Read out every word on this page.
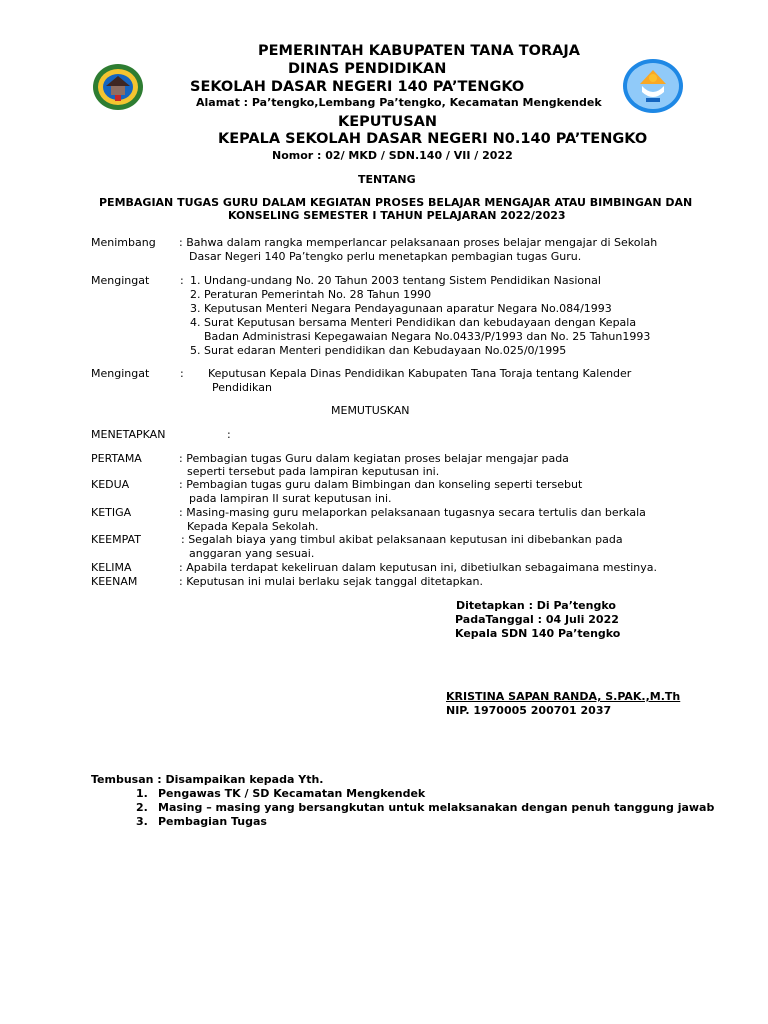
PEMERINTAH KABUPATEN TANA TORAJA
DINAS PENDIDIKAN
SEKOLAH DASAR NEGERI 140 PA’TENGKO
Alamat : Pa’tengko,Lembang Pa’tengko, Kecamatan Mengkendek
KEPUTUSAN
KEPALA SEKOLAH DASAR NEGERI N0.140 PA’TENGKO
Nomor : 02/ MKD / SDN.140 / VII / 2022
TENTANG
PEMBAGIAN TUGAS GURU DALAM KEGIATAN PROSES BELAJAR MENGAJAR ATAU BIMBINGAN DAN
KONSELING SEMESTER I TAHUN PELAJARAN 2022/2023
Menimbang : Bahwa dalam rangka memperlancar pelaksanaan proses belajar mengajar di Sekolah
Dasar Negeri 140 Pa’tengko perlu menetapkan pembagian tugas Guru.
Mengingat	: 1. Undang-undang No. 20 Tahun 2003 tentang Sistem Pendidikan Nasional
2. Peraturan Pemerintah No. 28 Tahun 1990
3. Keputusan Menteri Negara Pendayagunaan aparatur Negara No.084/1993
4. Surat Keputusan bersama Menteri Pendidikan dan kebudayaan dengan Kepala
Badan Administrasi Kepegawaian Negara No.0433/P/1993 dan No. 25 Tahun1993
5. Surat edaran Menteri pendidikan dan Kebudayaan No.025/0/1995
Mengingat	: Keputusan Kepala Dinas Pendidikan Kabupaten Tana Toraja tentang Kalender
Pendidikan
MEMUTUSKAN
MENETAPKAN	:
PERTAMA	: Pembagian tugas Guru dalam kegiatan proses belajar mengajar pada
seperti tersebut pada lampiran keputusan ini.
KEDUA	: Pembagian tugas guru dalam Bimbingan dan konseling seperti tersebut
pada lampiran II surat keputusan ini.
KETIGA	: Masing-masing guru melaporkan pelaksanaan tugasnya secara tertulis dan berkala
Kepada Kepala Sekolah.
KEEMPAT	: Segalah biaya yang timbul akibat pelaksanaan keputusan ini dibebankan pada
anggaran yang sesuai.
KELIMA	: Apabila terdapat kekeliruan dalam keputusan ini, dibetiulkan sebagaimana mestinya.
KEENAM	: Keputusan ini mulai berlaku sejak tanggal ditetapkan.
Ditetapkan : Di Pa’tengko
PadaTanggal : 04 Juli 2022
Kepala SDN 140 Pa’tengko
KRISTINA SAPAN RANDA, S.PAK.,M.Th
NIP. 1970005 200701 2037
Tembusan : Disampaikan kepada Yth.
1. Pengawas TK / SD Kecamatan Mengkendek
2. Masing – masing yang bersangkutan untuk melaksanakan dengan penuh tanggung jawab
3. Pembagian Tugas
